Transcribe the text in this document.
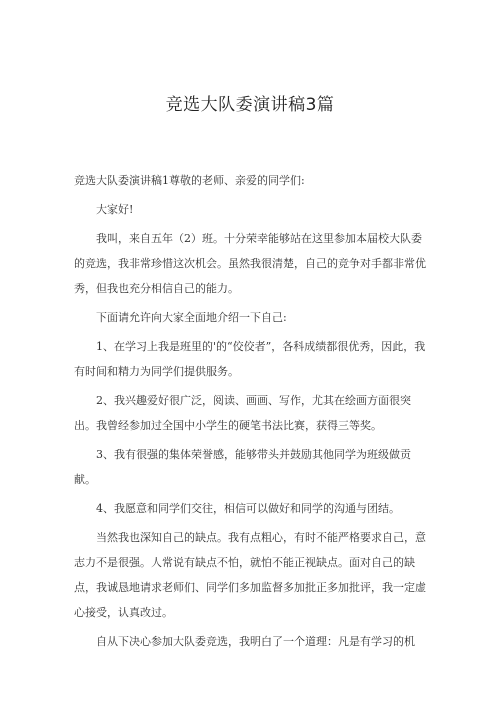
竞选大队委演讲稿3篇

竞选大队委演讲稿1尊敬的老师、亲爱的同学们:

大家好!

我叫，来自五年（2）班。十分荣幸能够站在这里参加本届校大队委的竞选，我非常珍惜这次机会。虽然我很清楚，自己的竞争对手都非常优秀，但我也充分相信自己的能力。

下面请允许向大家全面地介绍一下自己:

1、在学习上我是班里的'的“佼佼者”，各科成绩都很优秀，因此，我有时间和精力为同学们提供服务。

2、我兴趣爱好很广泛，阅读、画画、写作，尤其在绘画方面很突出。我曾经参加过全国中小学生的硬笔书法比赛，获得三等奖。

3、我有很强的集体荣誉感，能够带头并鼓励其他同学为班级做贡献。

4、我愿意和同学们交往，相信可以做好和同学的沟通与团结。

当然我也深知自己的缺点。我有点粗心，有时不能严格要求自己，意志力不是很强。人常说有缺点不怕，就怕不能正视缺点。面对自己的缺点，我诚恳地请求老师们、同学们多加监督多加批正多加批评，我一定虚心接受，认真改过。

自从下决心参加大队委竞选，我明白了一个道理：凡是有学习的机
